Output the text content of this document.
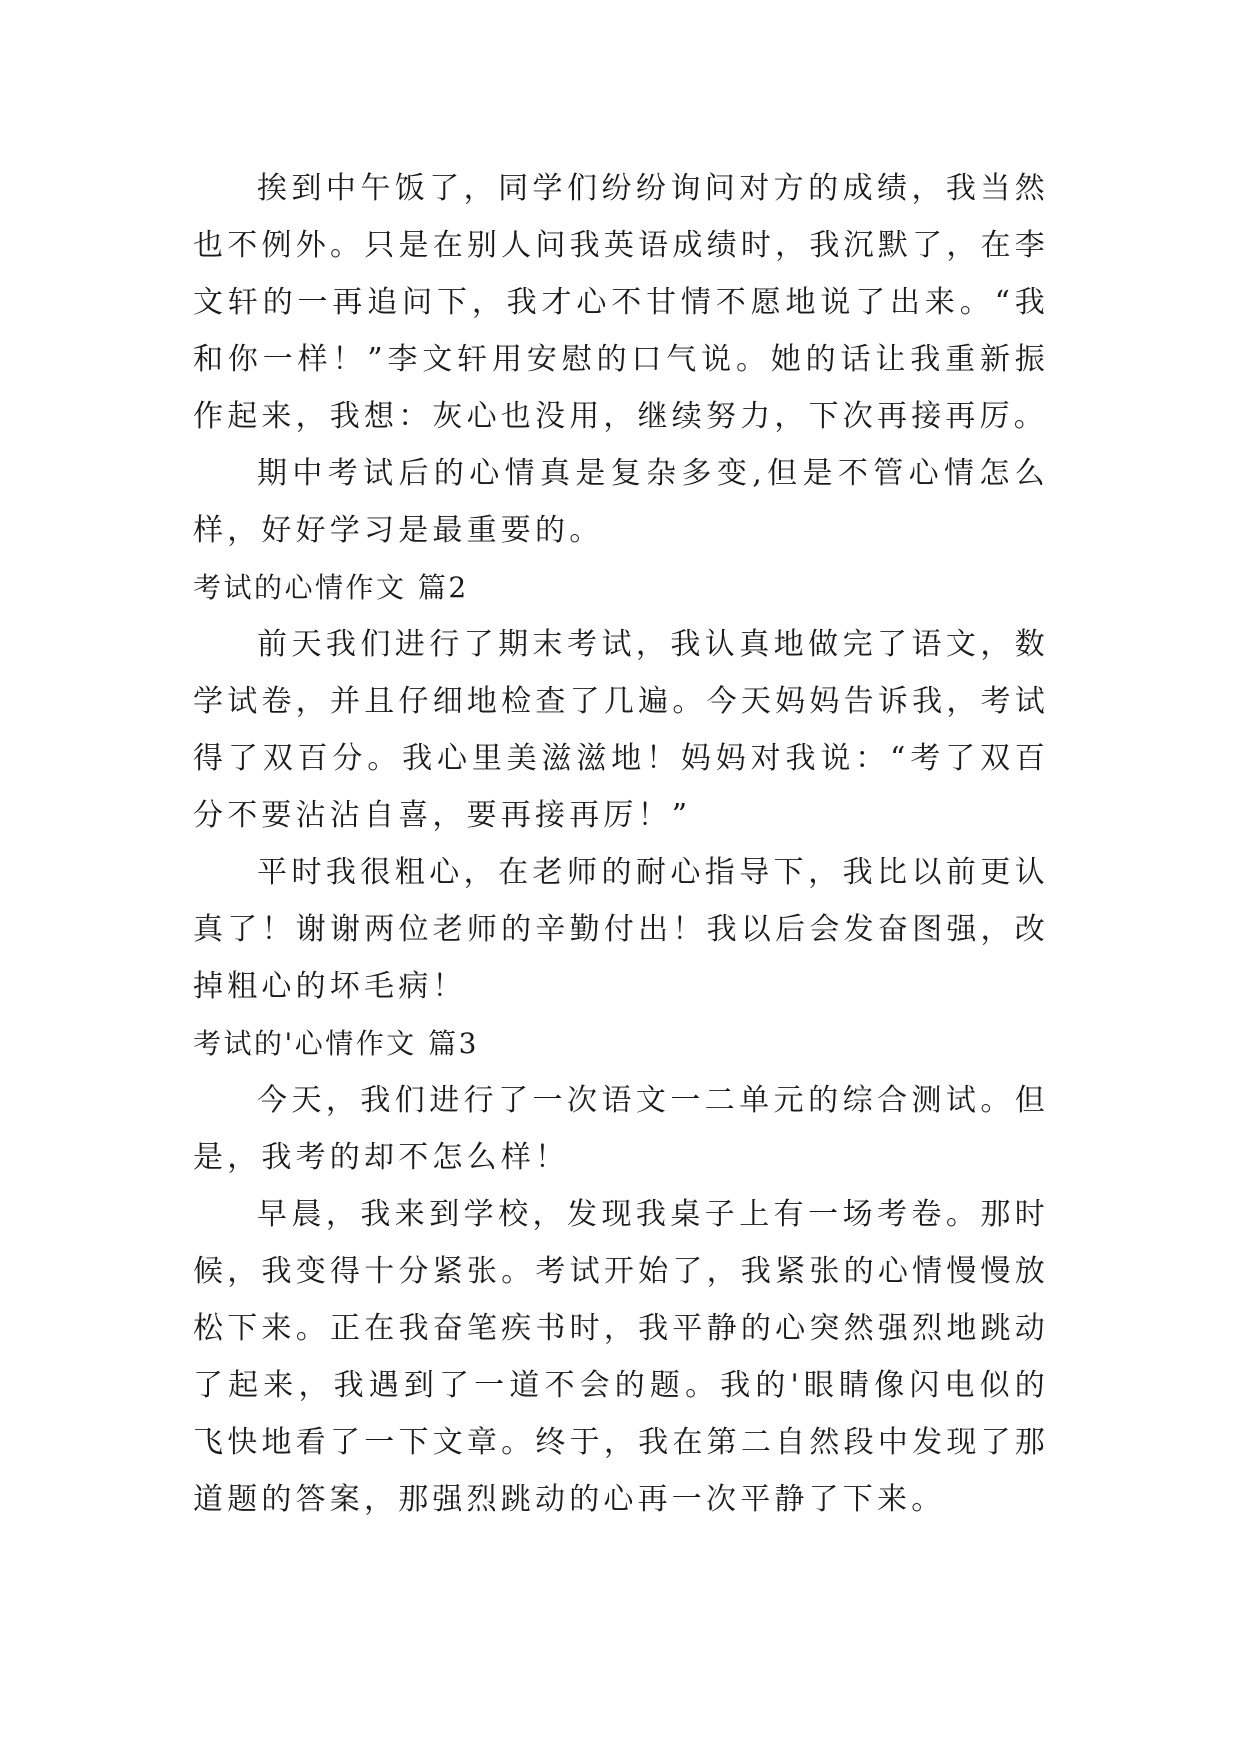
挨到中午饭了，同学们纷纷询问对方的成绩，我当然也不例外。只是在别人问我英语成绩时，我沉默了，在李文轩的一再追问下，我才心不甘情不愿地说了出来。“我和你一样！”李文轩用安慰的口气说。她的话让我重新振作起来，我想：灰心也没用，继续努力，下次再接再厉。

期中考试后的心情真是复杂多变,但是不管心情怎么样，好好学习是最重要的。

考试的心情作文 篇2

前天我们进行了期末考试，我认真地做完了语文，数学试卷，并且仔细地检查了几遍。今天妈妈告诉我，考试得了双百分。我心里美滋滋地！妈妈对我说：“考了双百分不要沾沾自喜，要再接再厉！”

平时我很粗心，在老师的耐心指导下，我比以前更认真了！谢谢两位老师的辛勤付出！我以后会发奋图强，改掉粗心的坏毛病！

考试的'心情作文 篇3

今天，我们进行了一次语文一二单元的综合测试。但是，我考的却不怎么样！

早晨，我来到学校，发现我桌子上有一场考卷。那时候，我变得十分紧张。考试开始了，我紧张的心情慢慢放松下来。正在我奋笔疾书时，我平静的心突然强烈地跳动了起来，我遇到了一道不会的题。我的'眼睛像闪电似的飞快地看了一下文章。终于，我在第二自然段中发现了那道题的答案，那强烈跳动的心再一次平静了下来。
